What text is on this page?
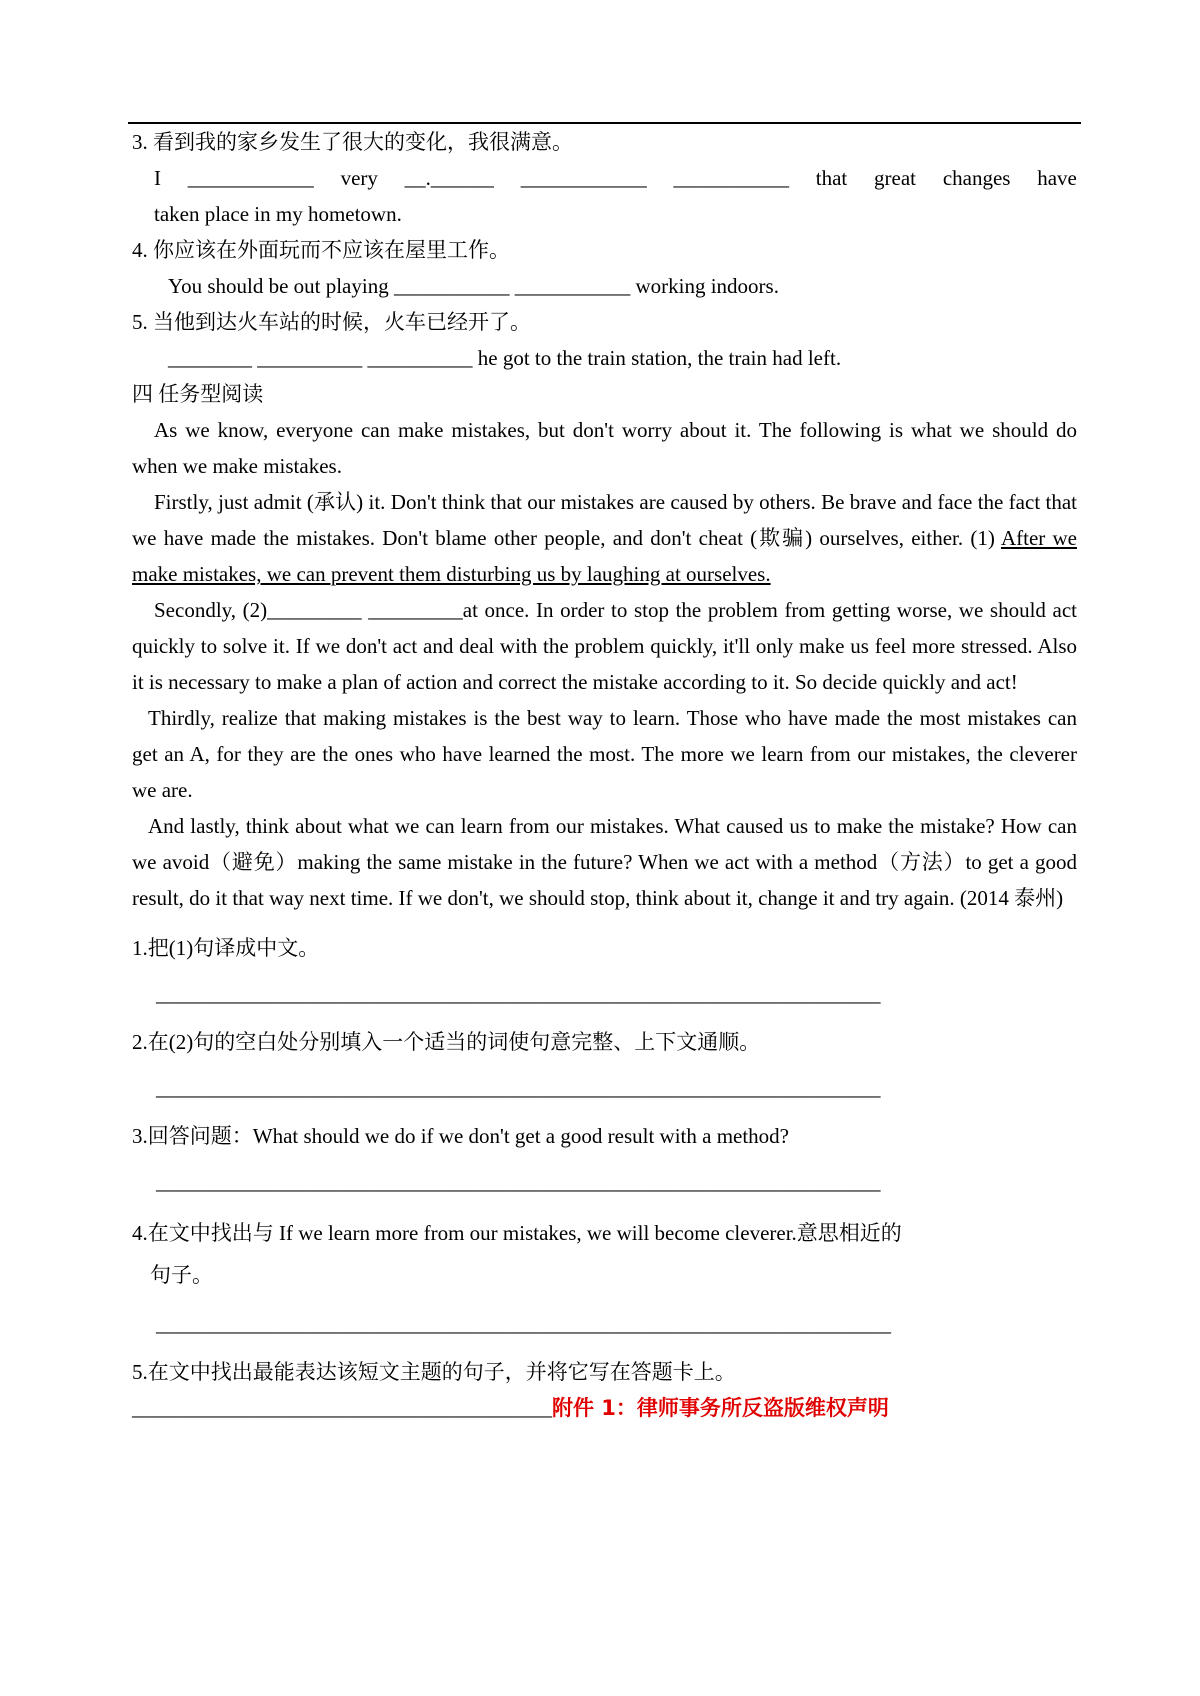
3. 看到我的家乡发生了很大的变化，我很满意。
I ____________ very __.______ ____________ ___________ that great changes have
taken place in my hometown.
4. 你应该在外面玩而不应该在屋里工作。
You should be out playing ___________ ___________ working indoors.
5. 当他到达火车站的时候，火车已经开了。
________ __________ __________ he got to the train station, the train had left.
四 任务型阅读
As we know, everyone can make mistakes, but don't worry about it. The following is what we should do when we make mistakes.
Firstly, just admit (承认) it. Don't think that our mistakes are caused by others. Be brave and face the fact that we have made the mistakes. Don't blame other people, and don't cheat (欺骗) ourselves, either. (1) After we make mistakes, we can prevent them disturbing us by laughing at ourselves.
Secondly, (2)_________ _________at once. In order to stop the problem from getting worse, we should act quickly to solve it. If we don't act and deal with the problem quickly, it'll only make us feel more stressed. Also it is necessary to make a plan of action and correct the mistake according to it. So decide quickly and act!
Thirdly, realize that making mistakes is the best way to learn. Those who have made the most mistakes can get an A, for they are the ones who have learned the most. The more we learn from our mistakes, the cleverer we are.
And lastly, think about what we can learn from our mistakes. What caused us to make the mistake? How can we avoid（避免）making the same mistake in the future? When we act with a method（方法）to get a good result, do it that way next time. If we don't, we should stop, think about it, change it and try again. (2014 泰州)
1.把(1)句译成中文。
_____________________________________________________________________
2.在(2)句的空白处分别填入一个适当的词使句意完整、上下文通顺。
_____________________________________________________________________
3.回答问题：What should we do if we don't get a good result with a method?
_____________________________________________________________________
4.在文中找出与 If we learn more from our mistakes, we will become cleverer.意思相近的
句子。
______________________________________________________________________
5.在文中找出最能表达该短文主题的句子，并将它写在答题卡上。
________________________________________附件 1：律师事务所反盗版维权声明
